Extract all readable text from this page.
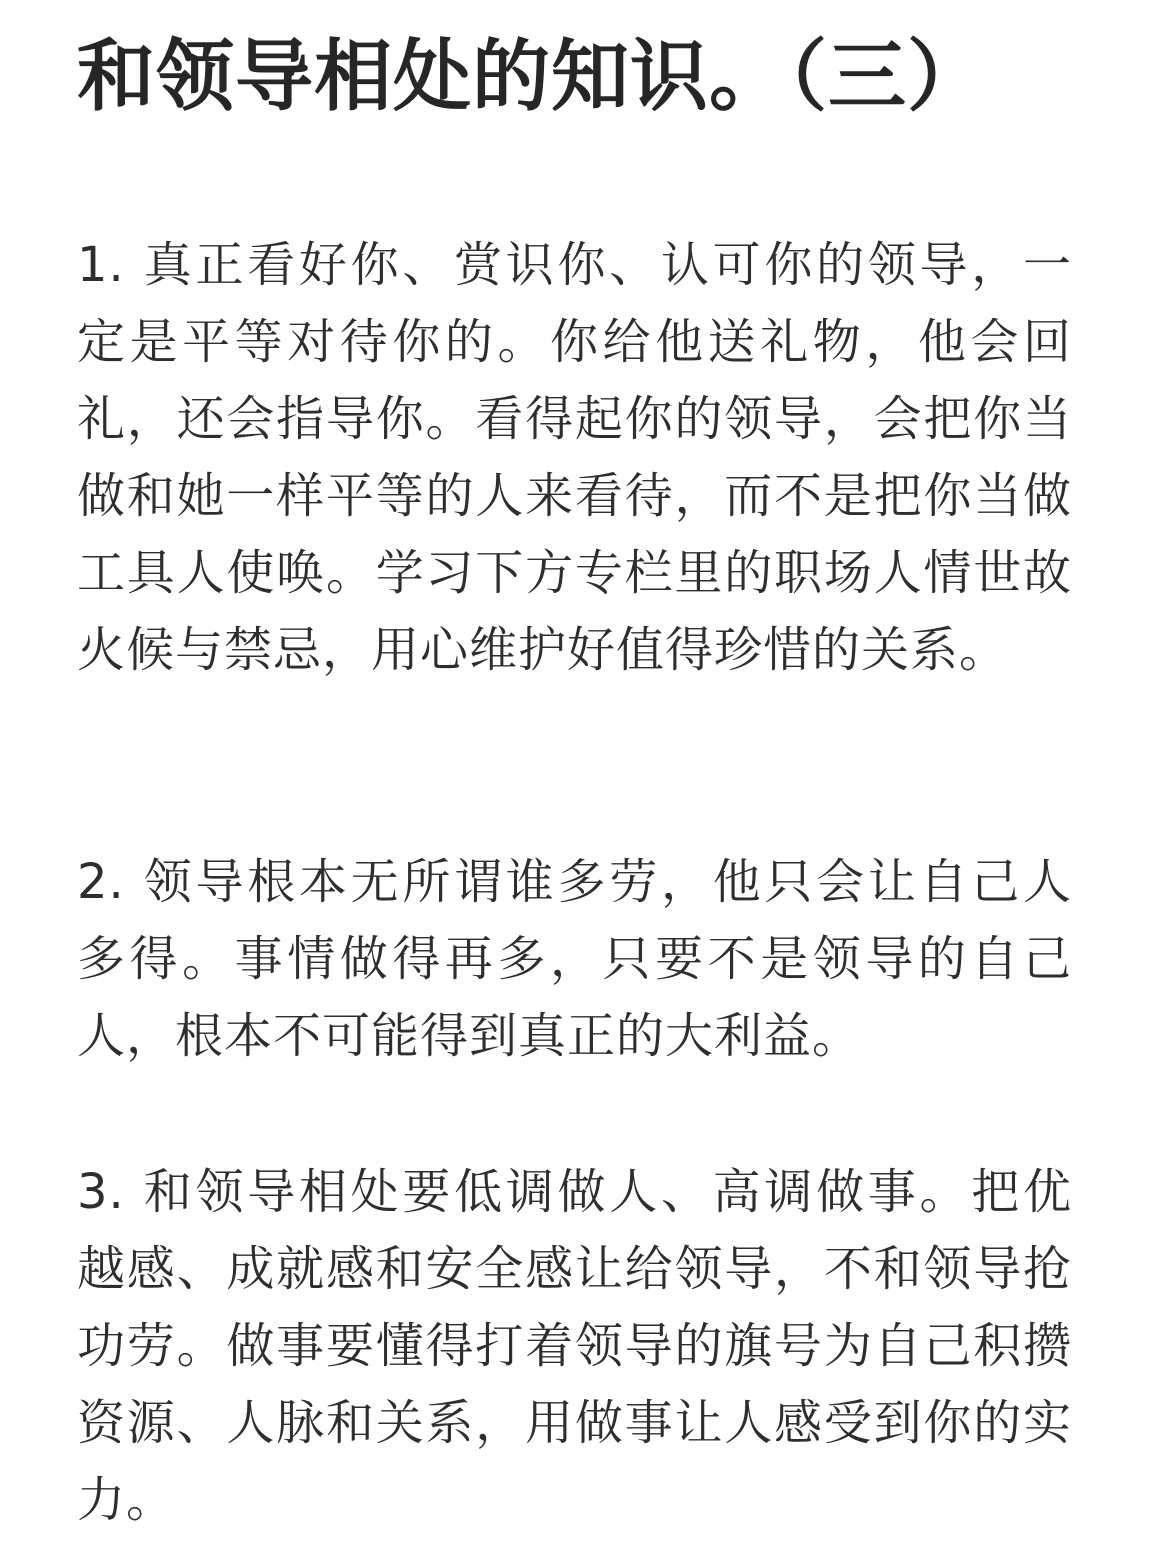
和领导相处的知识。（三）

1. 真正看好你、赏识你、认可你的领导，一定是平等对待你的。你给他送礼物，他会回礼，还会指导你。看得起你的领导，会把你当做和她一样平等的人来看待，而不是把你当做工具人使唤。学习下方专栏里的职场人情世故火候与禁忌，用心维护好值得珍惜的关系。

2. 领导根本无所谓谁多劳，他只会让自己人多得。事情做得再多，只要不是领导的自己人，根本不可能得到真正的大利益。

3. 和领导相处要低调做人、高调做事。把优越感、成就感和安全感让给领导，不和领导抢功劳。做事要懂得打着领导的旗号为自己积攒资源、人脉和关系，用做事让人感受到你的实力。
